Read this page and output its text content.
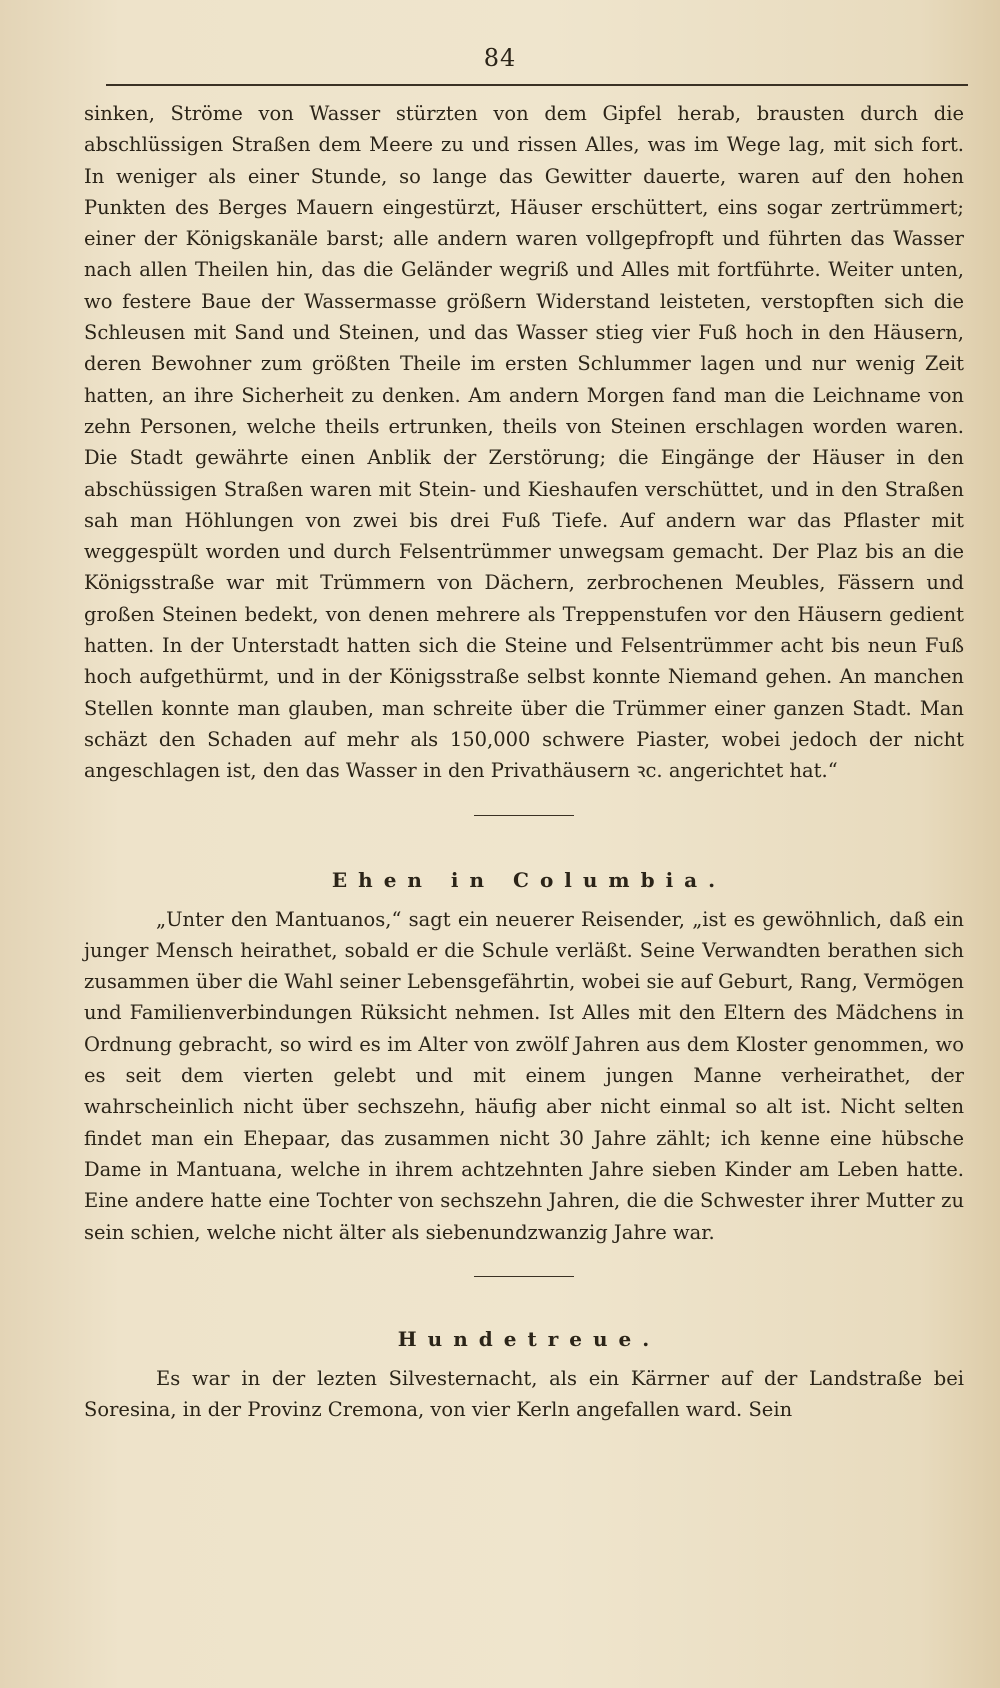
84

sinken, Ströme von Wasser stürzten von dem Gipfel herab, brausten durch die abschlüssigen Straßen dem Meere zu und rissen Alles, was im Wege lag, mit sich fort. In weniger als einer Stunde, so lange das Gewitter dauerte, waren auf den hohen Punkten des Berges Mauern eingestürzt, Häuser erschüttert, eins sogar zertrümmert; einer der Königskanäle barst; alle andern waren vollgepfropft und führten das Wasser nach allen Theilen hin, das die Geländer wegriß und Alles mit fortführte. Weiter unten, wo festere Baue der Wassermasse größern Widerstand leisteten, verstopften sich die Schleusen mit Sand und Steinen, und das Wasser stieg vier Fuß hoch in den Häusern, deren Bewohner zum größten Theile im ersten Schlummer lagen und nur wenig Zeit hatten, an ihre Sicherheit zu denken. Am andern Morgen fand man die Leichname von zehn Personen, welche theils ertrunken, theils von Steinen erschlagen worden waren. Die Stadt gewährte einen Anblik der Zerstörung; die Eingänge der Häuser in den abschüssigen Straßen waren mit Stein- und Kieshaufen verschüttet, und in den Straßen sah man Höhlungen von zwei bis drei Fuß Tiefe. Auf andern war das Pflaster mit weggespült worden und durch Felsentrümmer unwegsam gemacht. Der Plaz bis an die Königsstraße war mit Trümmern von Dächern, zerbrochenen Meubles, Fässern und großen Steinen bedekt, von denen mehrere als Treppenstufen vor den Häusern gedient hatten. In der Unterstadt hatten sich die Steine und Felsentrümmer acht bis neun Fuß hoch aufgethürmt, und in der Königsstraße selbst konnte Niemand gehen. An manchen Stellen konnte man glauben, man schreite über die Trümmer einer ganzen Stadt. Man schäzt den Schaden auf mehr als 150,000 schwere Piaster, wobei jedoch der nicht angeschlagen ist, den das Wasser in den Privathäusern ꝛc. angerichtet hat.“

Ehen in Columbia.

„Unter den Mantuanos,“ sagt ein neuerer Reisender, „ist es gewöhnlich, daß ein junger Mensch heirathet, sobald er die Schule verläßt. Seine Verwandten berathen sich zusammen über die Wahl seiner Lebensgefährtin, wobei sie auf Geburt, Rang, Vermögen und Familienverbindungen Rüksicht nehmen. Ist Alles mit den Eltern des Mädchens in Ordnung gebracht, so wird es im Alter von zwölf Jahren aus dem Kloster genommen, wo es seit dem vierten gelebt und mit einem jungen Manne verheirathet, der wahrscheinlich nicht über sechszehn, häufig aber nicht einmal so alt ist. Nicht selten findet man ein Ehepaar, das zusammen nicht 30 Jahre zählt; ich kenne eine hübsche Dame in Mantuana, welche in ihrem achtzehnten Jahre sieben Kinder am Leben hatte. Eine andere hatte eine Tochter von sechszehn Jahren, die die Schwester ihrer Mutter zu sein schien, welche nicht älter als siebenundzwanzig Jahre war.

Hundetreue.

Es war in der lezten Silvesternacht, als ein Kärrner auf der Landstraße bei Soresina, in der Provinz Cremona, von vier Kerln angefallen ward. Sein
